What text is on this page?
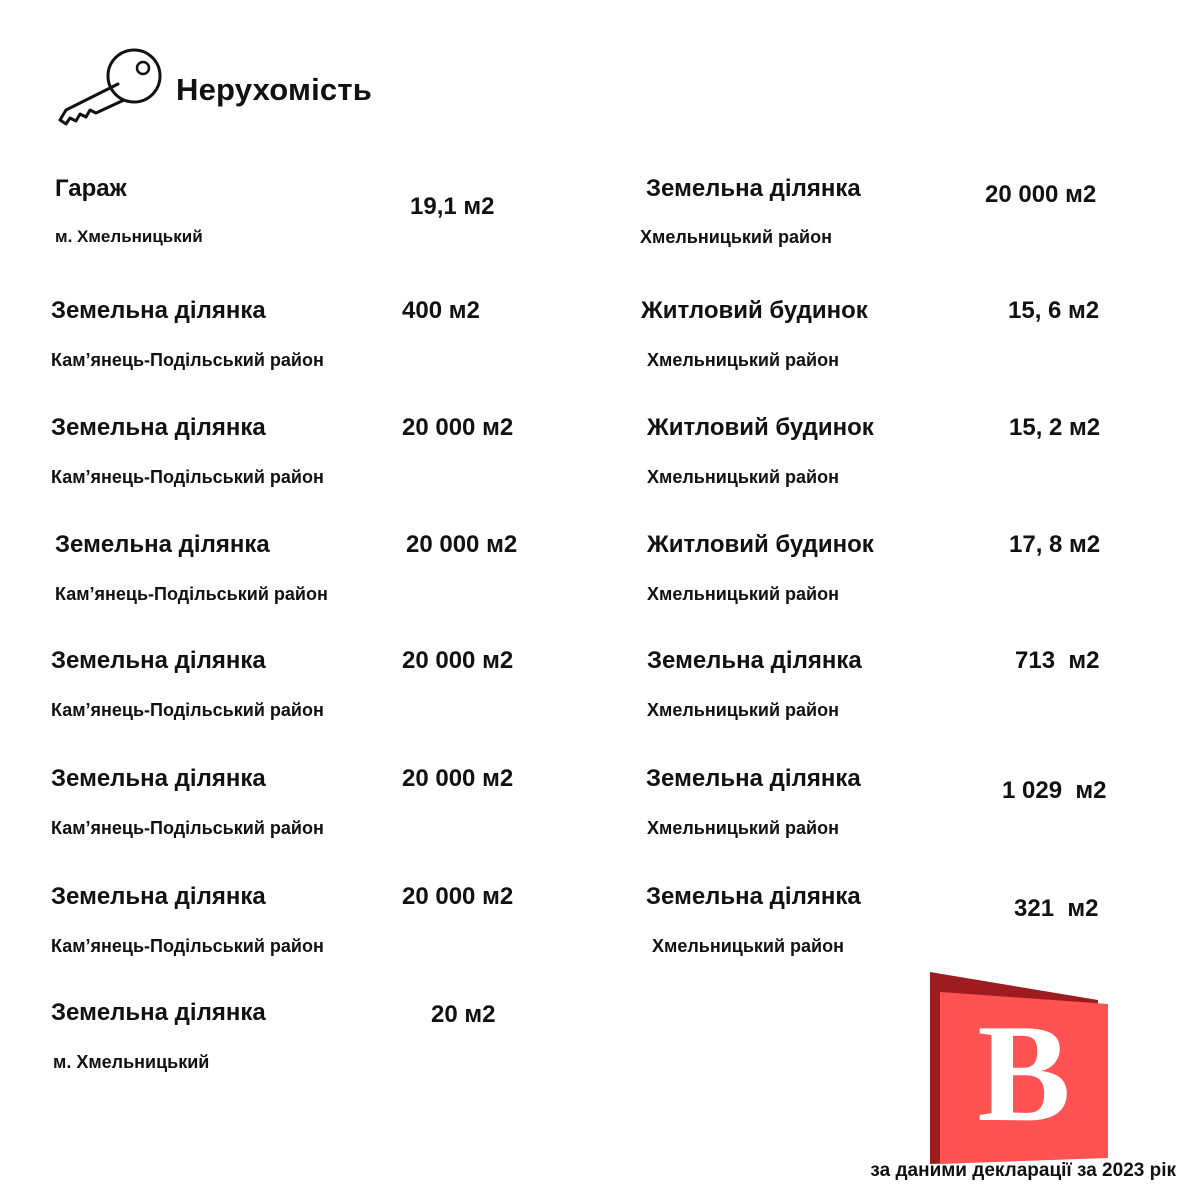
Нерухомість
Гараж
м. Хмельницький
19,1 м2
Земельна ділянка
Кам’янець-Подільський район
400 м2
Земельна ділянка
Кам’янець-Подільський район
20 000 м2
Земельна ділянка
Кам’янець-Подільський район
20 000 м2
Земельна ділянка
Кам’янець-Подільський район
20 000 м2
Земельна ділянка
Кам’янець-Подільський район
20 000 м2
Земельна ділянка
Кам’янець-Подільський район
20 000 м2
Земельна ділянка
м. Хмельницький
20 м2
Земельна ділянка
Хмельницький район
20 000 м2
Житловий будинок
Хмельницький район
15, 6 м2
Житловий будинок
Хмельницький район
15, 2 м2
Житловий будинок
Хмельницький район
17, 8 м2
Земельна ділянка
Хмельницький район
713  м2
Земельна ділянка
Хмельницький район
1 029  м2
Земельна ділянка
Хмельницький район
321  м2
B
за даними декларації за 2023 рік
